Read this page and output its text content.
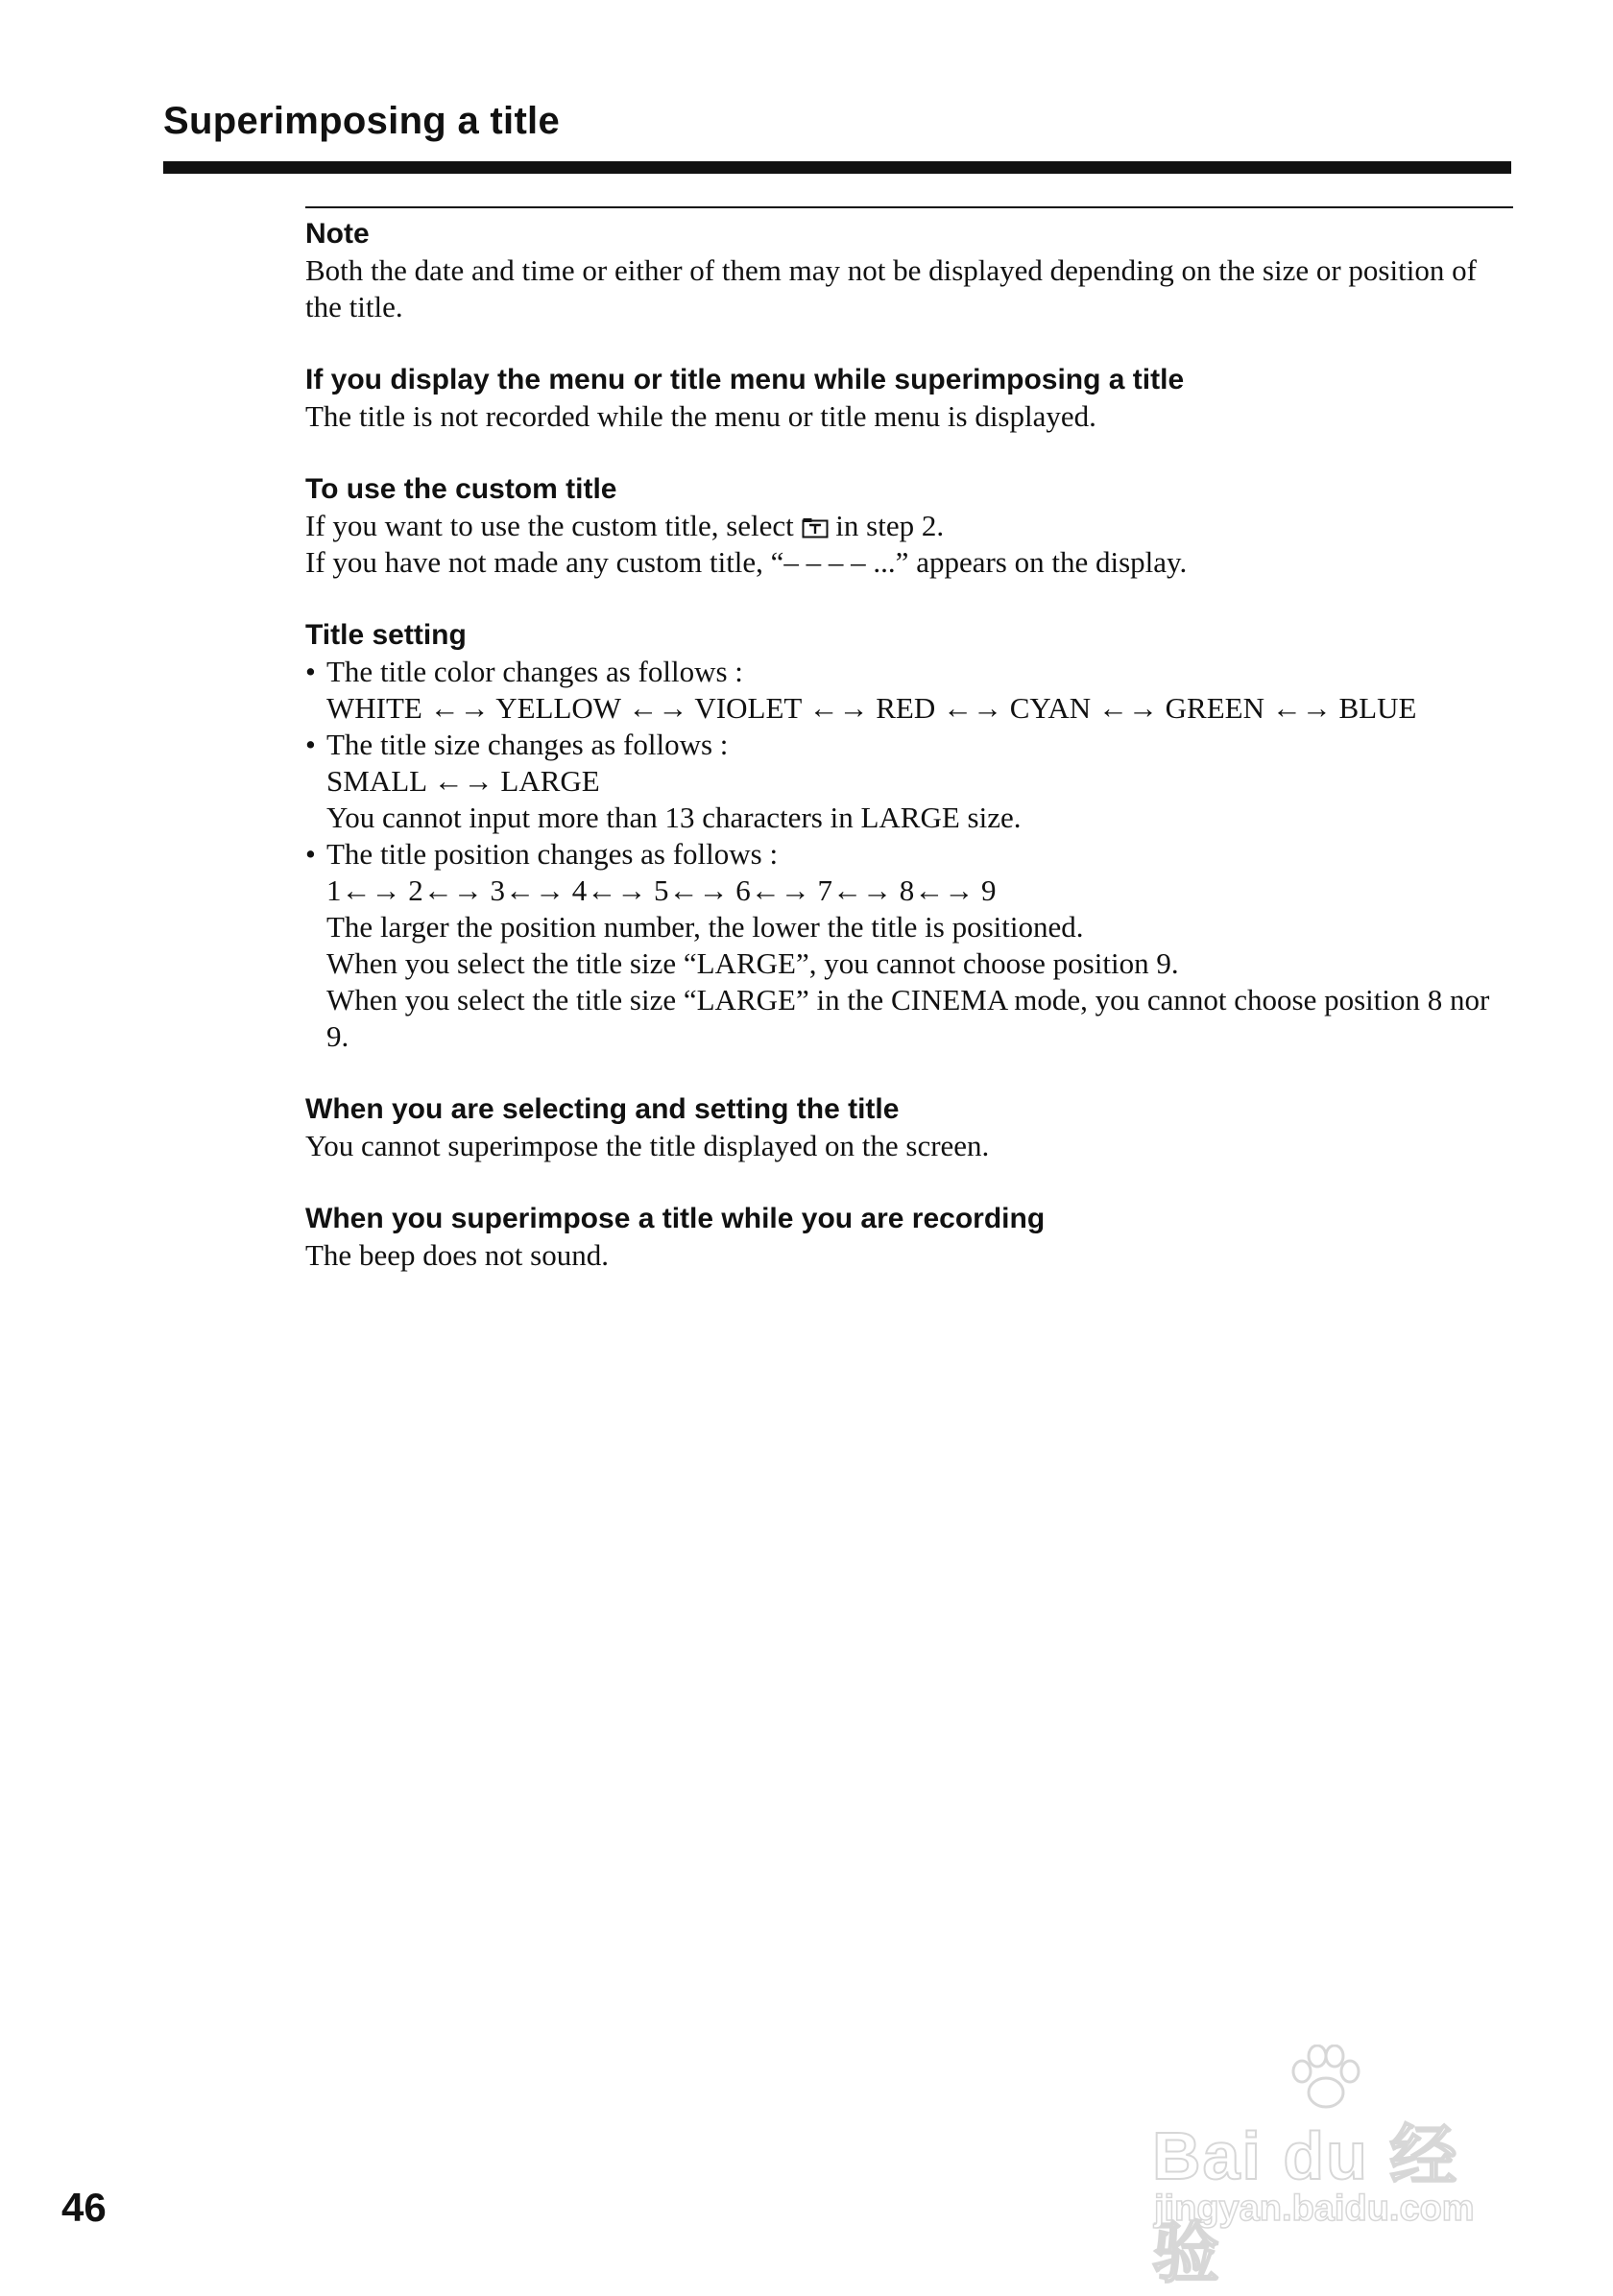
Superimposing a title
Note
Both the date and time or either of them may not be displayed depending on the size or position of the title.
If you display the menu or title menu while superimposing a title
The title is not recorded while the menu or title menu is displayed.
To use the custom title
If you want to use the custom title, select in step 2.
If you have not made any custom title, “– – – – ...” appears on the display.
Title setting
• The title color changes as follows :
WHITE ←→ YELLOW ←→ VIOLET ←→ RED ←→ CYAN ←→ GREEN ←→ BLUE
• The title size changes as follows :
SMALL ←→ LARGE
You cannot input more than 13 characters in LARGE size.
• The title position changes as follows :
1←→ 2←→ 3←→ 4←→ 5←→ 6←→ 7←→ 8←→ 9
The larger the position number, the lower the title is positioned.
When you select the title size “LARGE”, you cannot choose position 9.
When you select the title size “LARGE” in the CINEMA mode, you cannot choose position 8 nor 9.
When you are selecting and setting the title
You cannot superimpose the title displayed on the screen.
When you superimpose a title while you are recording
The beep does not sound.
Bai du 经验
jingyan.baidu.com
46
